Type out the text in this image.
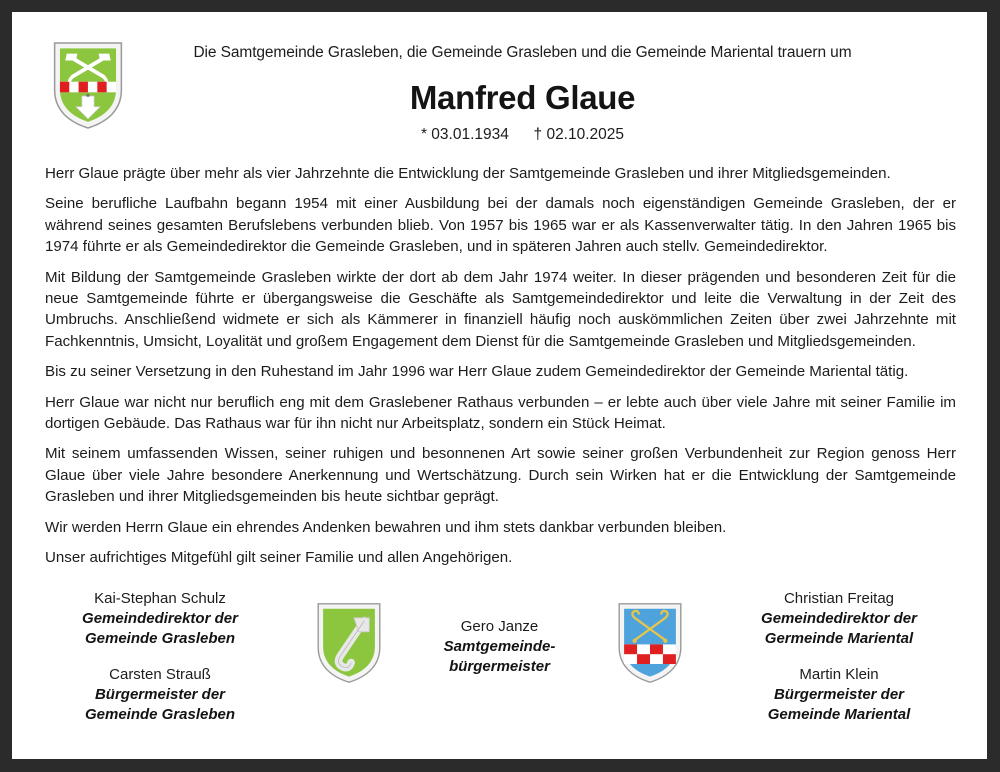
Die Samtgemeinde Grasleben, die Gemeinde Grasleben und die Gemeinde Mariental trauern um
Manfred Glaue
* 03.01.1934 † 02.10.2025

Herr Glaue prägte über mehr als vier Jahrzehnte die Entwicklung der Samtgemeinde Grasleben und ihrer Mitgliedsgemeinden.

Seine berufliche Laufbahn begann 1954 mit einer Ausbildung bei der damals noch eigenständigen Gemeinde Grasleben, der er während seines gesamten Berufslebens verbunden blieb. Von 1957 bis 1965 war er als Kassenverwalter tätig. In den Jahren 1965 bis 1974 führte er als Gemeindedirektor die Gemeinde Grasleben, und in späteren Jahren auch stellv. Gemeindedirektor.

Mit Bildung der Samtgemeinde Grasleben wirkte der dort ab dem Jahr 1974 weiter. In dieser prägenden und besonderen Zeit für die neue Samtgemeinde führte er übergangsweise die Geschäfte als Samtgemeindedirektor und leite die Verwaltung in der Zeit des Umbruchs. Anschließend widmete er sich als Kämmerer in finanziell häufig noch auskömmlichen Zeiten über zwei Jahrzehnte mit Fachkenntnis, Umsicht, Loyalität und großem Engagement dem Dienst für die Samtgemeinde Grasleben und Mitgliedsgemeinden.

Bis zu seiner Versetzung in den Ruhestand im Jahr 1996 war Herr Glaue zudem Gemeindedirektor der Gemeinde Mariental tätig.

Herr Glaue war nicht nur beruflich eng mit dem Graslebener Rathaus verbunden – er lebte auch über viele Jahre mit seiner Familie im dortigen Gebäude. Das Rathaus war für ihn nicht nur Arbeitsplatz, sondern ein Stück Heimat.

Mit seinem umfassenden Wissen, seiner ruhigen und besonnenen Art sowie seiner großen Verbundenheit zur Region genoss Herr Glaue über viele Jahre besondere Anerkennung und Wertschätzung. Durch sein Wirken hat er die Entwicklung der Samtgemeinde Grasleben und ihrer Mitgliedsgemeinden bis heute sichtbar geprägt.

Wir werden Herrn Glaue ein ehrendes Andenken bewahren und ihm stets dankbar verbunden bleiben.

Unser aufrichtiges Mitgefühl gilt seiner Familie und allen Angehörigen.

Kai-Stephan Schulz
Gemeindedirektor der
Gemeinde Grasleben
Carsten Strauß
Bürgermeister der
Gemeinde Grasleben
Gero Janze
Samtgemeinde-
bürgermeister
Christian Freitag
Gemeindedirektor der
Germeinde Mariental
Martin Klein
Bürgermeister der
Gemeinde Mariental
